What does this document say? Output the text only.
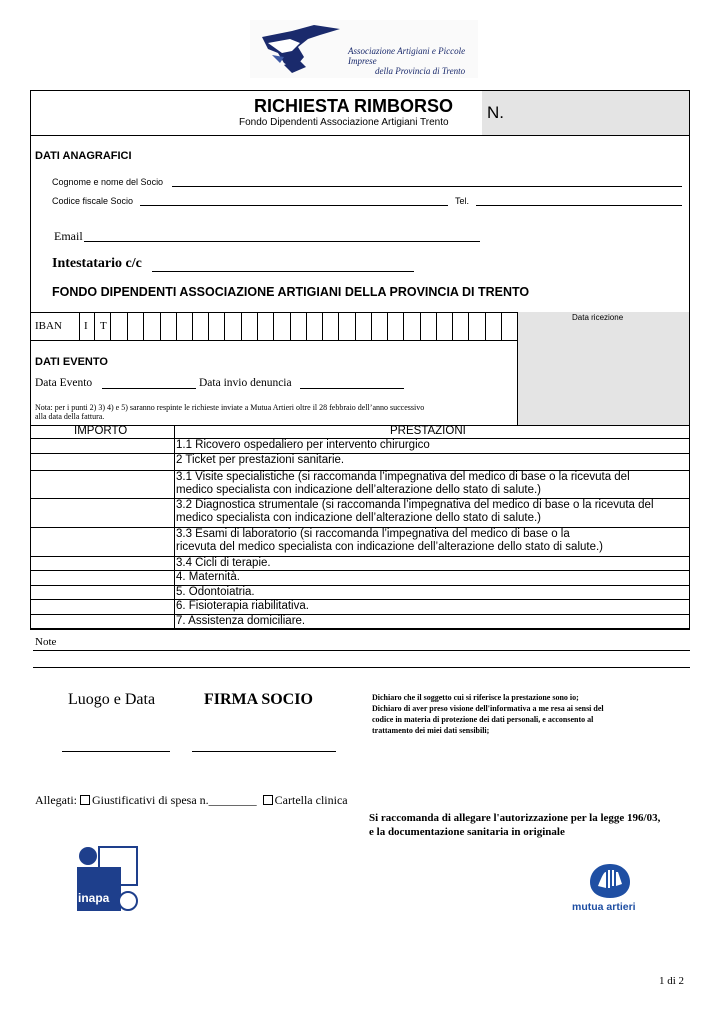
Associazione Artigiani e Piccole Imprese
della Provincia di Trento
RICHIESTA RIMBORSO
Fondo Dipendenti Associazione Artigiani Trento
N.
DATI ANAGRAFICI
Cognome e nome del Socio
Codice fiscale Socio	Tel.
Email
Intestatario c/c
FONDO DIPENDENTI ASSOCIAZIONE ARTIGIANI DELLA PROVINCIA DI TRENTO
Data ricezione
IBAN I T
DATI EVENTO
Data Evento	Data invio denuncia
Nota: per i punti 2) 3) 4) e 5) saranno respinte le richieste inviate a Mutua Artieri oltre il 28 febbraio dell’anno successivo
alla data della fattura.
IMPORTO	PRESTAZIONI
1.1 Ricovero ospedaliero per intervento chirurgico
2 Ticket per prestazioni sanitarie.
3.1 Visite specialistiche (si raccomanda l’impegnativa del medico di base o la ricevuta del
medico specialista con indicazione dell’alterazione dello stato di salute.)
3.2 Diagnostica strumentale (si raccomanda l’impegnativa del medico di base o la ricevuta del
medico specialista con indicazione dell’alterazione dello stato di salute.)
3.3 Esami di laboratorio (si raccomanda l’impegnativa del medico di base o la
ricevuta del medico specialista con indicazione dell’alterazione dello stato di salute.)
3.4 Cicli di terapie.
4. Maternità.
5. Odontoiatria.
6. Fisioterapia riabilitativa.
7. Assistenza domiciliare.
Note
Luogo e Data	FIRMA SOCIO	Dichiaro che il soggetto cui si riferisce la prestazione sono io;
Dichiaro di aver preso visione dell'informativa a me resa ai sensi del
codice in materia di protezione dei dati personali, e acconsento al
trattamento dei miei dati sensibili;
Allegati: Giustificativi di spesa n.________ Cartella clinica
Si raccomanda di allegare l'autorizzazione per la legge 196/03,
e la documentazione sanitaria in originale
inapa
mutua artieri
1 di 2
